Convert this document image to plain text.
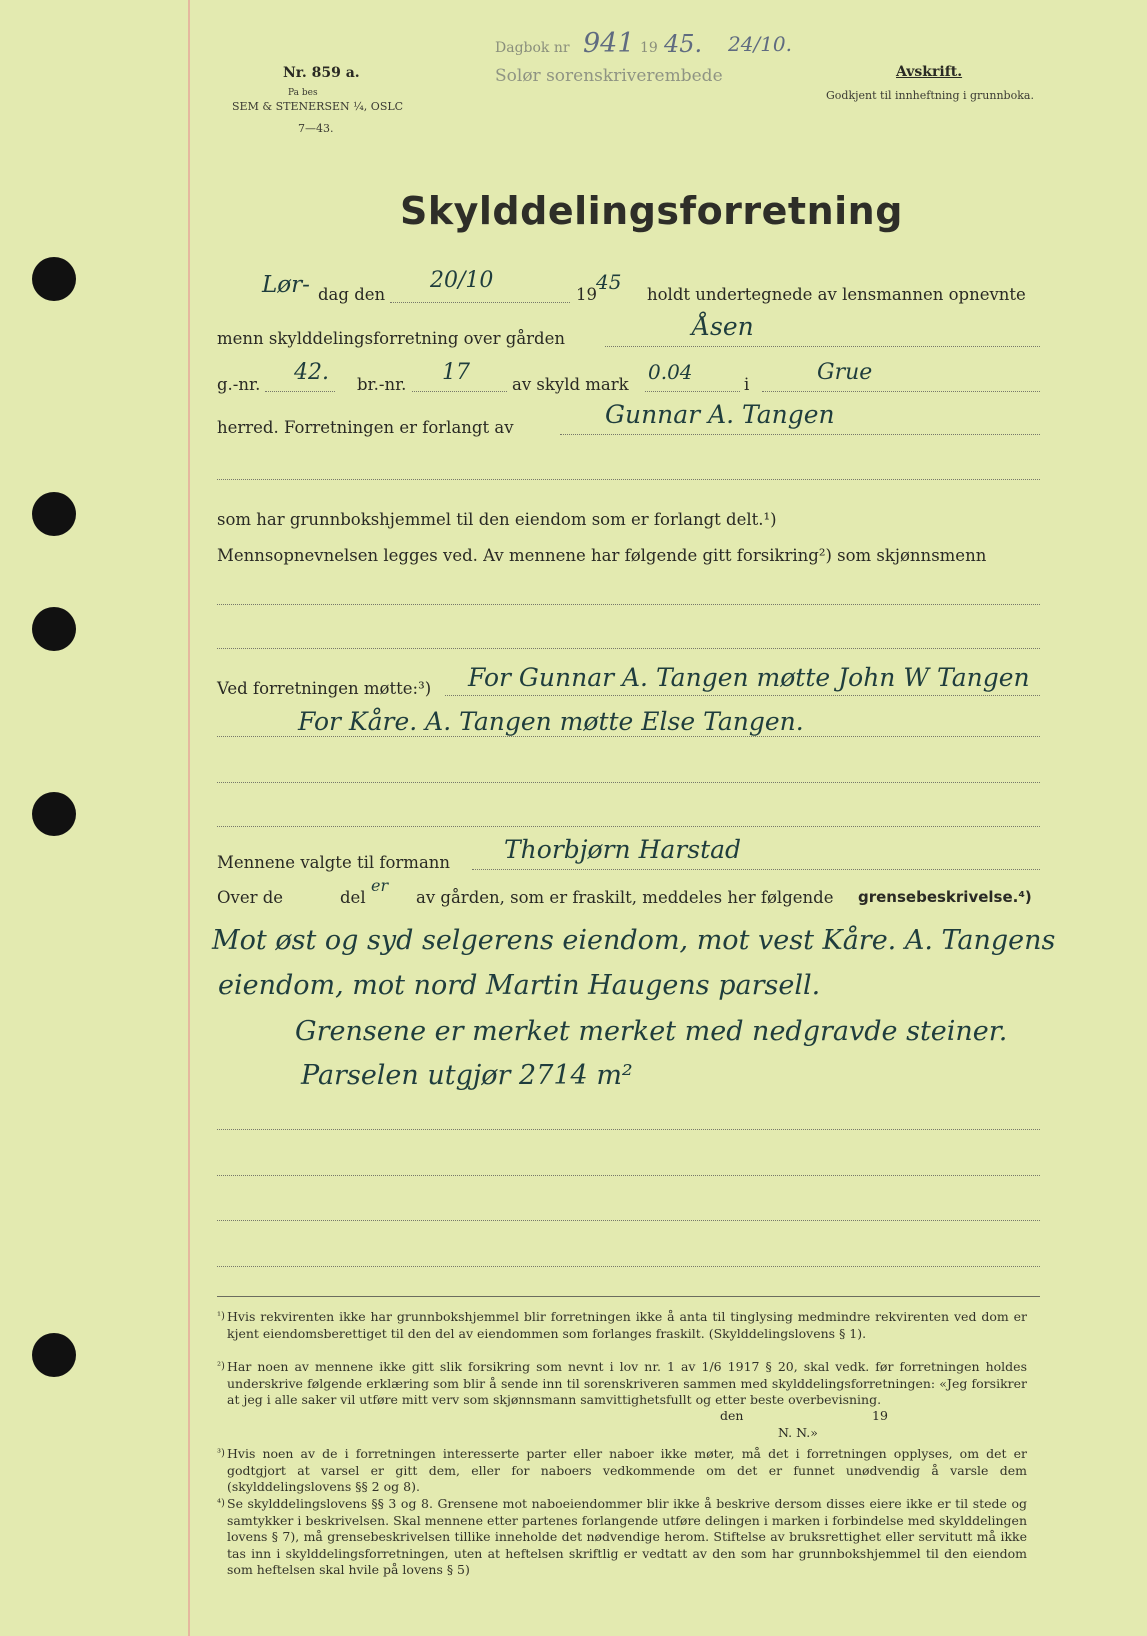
Nr. 859 a.
Pa bes
SEM & STENERSEN ¼, OSLC
7—43.
Dagbok nr 941 19 45. 24/10.
Solør sorenskriverembede	Avskrift.
Godkjent til innheftning i grunnboka.
Skylddelingsforretning
Lør- dag den
20/10
19
45
holdt undertegnede av lensmannen opnevnte
menn skylddelingsforretning over gården	Åsen
g.-nr. 42. br.-nr. 17	av skyld mark
0.04
i	Grue
herred. Forretningen er forlangt av	Gunnar A. Tangen
som har grunnbokshjemmel til den eiendom som er forlangt delt.¹)
Mennsopnevnelsen legges ved. Av mennene har følgende gitt forsikring²) som skjønnsmenn
Ved forretningen møtte:³) For Gunnar A. Tangen møtte John W Tangen
For Kåre. A. Tangen møtte Else Tangen.
Mennene valgte til formann Thorbjørn Harstad
Over de	del
er
av gården, som er fraskilt, meddeles her følgende grensebeskrivelse.⁴)
Mot øst og syd selgerens eiendom, mot vest Kåre. A. Tangens
eiendom, mot nord Martin Haugens parsell.
Grensene er merket merket med nedgravde steiner.
Parselen utgjør 2714 m²
¹) Hvis rekvirenten ikke har grunnbokshjemmel blir forretningen ikke å anta til tinglysing medmindre rekvirenten ved dom er kjent eiendomsberettiget til den del av eiendommen som forlanges fraskilt. (Skylddelingslovens § 1).
²) Har noen av mennene ikke gitt slik forsikring som nevnt i lov nr. 1 av 1/6 1917 § 20, skal vedk. før forretningen holdes underskrive følgende erklæring som blir å sende inn til sorenskriveren sammen med skylddelingsforretningen: «Jeg forsikrer at jeg i alle saker vil utføre mitt verv som skjønnsmann samvittighetsfullt og etter beste overbevisning.
den	19
N. N.»
³) Hvis noen av de i forretningen interesserte parter eller naboer ikke møter, må det i forretningen opplyses, om det er godtgjort at varsel er gitt dem, eller for naboers vedkommende om det er funnet unødvendig å varsle dem (skylddelingslovens §§ 2 og 8).
⁴) Se skylddelingslovens §§ 3 og 8. Grensene mot naboeiendommer blir ikke å beskrive dersom disses eiere ikke er til stede og samtykker i beskrivelsen. Skal mennene etter partenes forlangende utføre delingen i marken i forbindelse med skylddelingen lovens § 7), må grensebeskrivelsen tillike inneholde det nødvendige herom. Stiftelse av bruksrettighet eller servitutt må ikke tas inn i skylddelingsforretningen, uten at heftelsen skriftlig er vedtatt av den som har grunnbokshjemmel til den eiendom som heftelsen skal hvile på lovens § 5)
